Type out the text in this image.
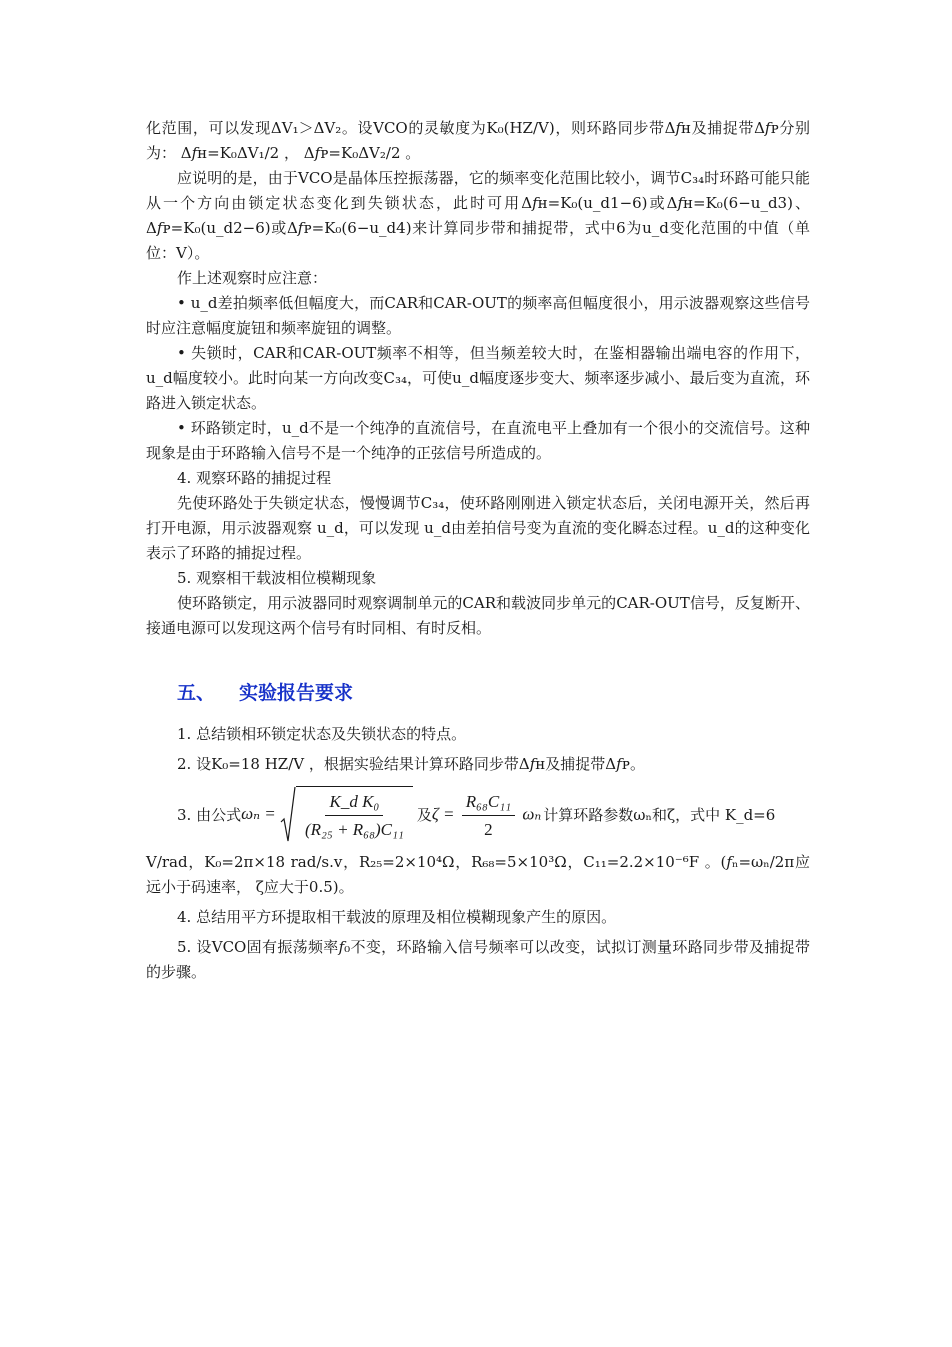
化范围，可以发现ΔV₁＞ΔV₂。设VCO的灵敏度为K₀(HZ/V)，则环路同步带Δ𝑓ʜ及捕捉带Δ𝑓ᴘ分别为： Δ𝑓ʜ=K₀ΔV₁/2 ， Δ𝑓ᴘ=K₀ΔV₂/2 。

应说明的是，由于VCO是晶体压控振荡器，它的频率变化范围比较小，调节C₃₄时环路可能只能从一个方向由锁定状态变化到失锁状态，此时可用Δ𝑓ʜ=K₀(u_d1−6)或Δ𝑓ʜ=K₀(6−u_d3)、Δ𝑓ᴘ=K₀(u_d2−6)或Δ𝑓ᴘ=K₀(6−u_d4)来计算同步带和捕捉带，式中6为u_d变化范围的中值（单位：V）。

作上述观察时应注意：

• u_d差拍频率低但幅度大，而CAR和CAR-OUT的频率高但幅度很小，用示波器观察这些信号时应注意幅度旋钮和频率旋钮的调整。

• 失锁时，CAR和CAR-OUT频率不相等，但当频差较大时，在鉴相器输出端电容的作用下，u_d幅度较小。此时向某一方向改变C₃₄，可使u_d幅度逐步变大、频率逐步减小、最后变为直流，环路进入锁定状态。

• 环路锁定时，u_d不是一个纯净的直流信号，在直流电平上叠加有一个很小的交流信号。这种现象是由于环路输入信号不是一个纯净的正弦信号所造成的。

4. 观察环路的捕捉过程

先使环路处于失锁定状态，慢慢调节C₃₄，使环路刚刚进入锁定状态后，关闭电源开关，然后再打开电源，用示波器观察 u_d，可以发现 u_d由差拍信号变为直流的变化瞬态过程。u_d的这种变化表示了环路的捕捉过程。

5. 观察相干载波相位模糊现象

使环路锁定，用示波器同时观察调制单元的CAR和载波同步单元的CAR-OUT信号，反复断开、接通电源可以发现这两个信号有时同相、有时反相。

五、 实验报告要求

1. 总结锁相环锁定状态及失锁状态的特点。

2. 设K₀=18 HZ/V ，根据实验结果计算环路同步带Δ𝑓ʜ及捕捉带Δ𝑓ᴘ。

3. 由公式 $\omega_n = \frac{\text{K\_d K₀}}{\text{(R₂₅ + R₆₈)C₁₁}}$ 及 $\zeta = \frac{\text{R₆₈C₁₁}}{2}$ ωₙ 计算环路参数ωₙ和ζ，式中 K_d=6

V/rad，K₀=2π×18 rad/s.v，R₂₅=2×10⁴Ω，R₆₈=5×10³Ω，C₁₁=2.2×10⁻⁶F 。(𝑓ₙ=ωₙ/2π应远小于码速率， ζ应大于0.5)。

4. 总结用平方环提取相干载波的原理及相位模糊现象产生的原因。

5. 设VCO固有振荡频率𝑓₀不变，环路输入信号频率可以改变，试拟订测量环路同步带及捕捉带的步骤。
